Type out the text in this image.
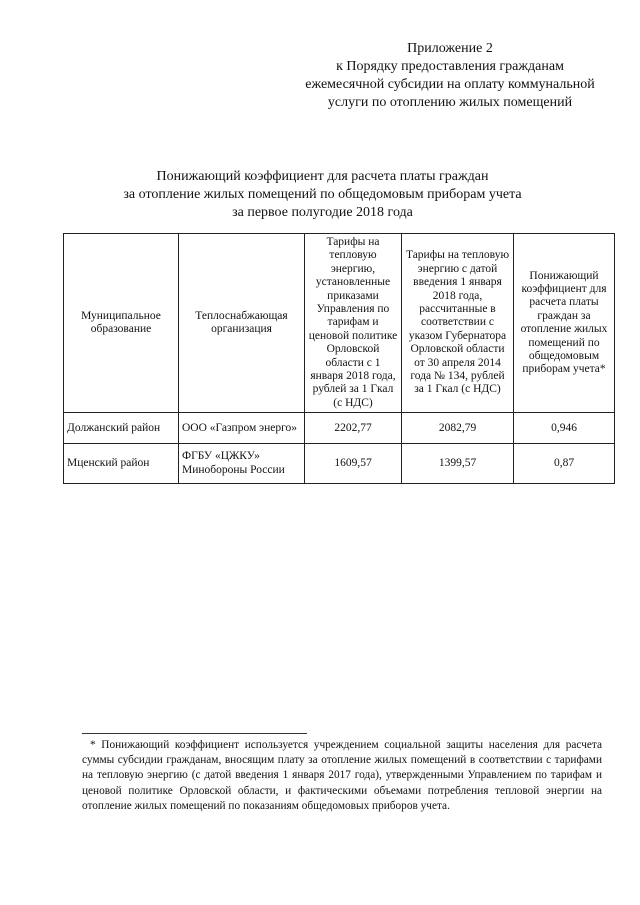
Приложение 2
к Порядку предоставления гражданам
ежемесячной субсидии на оплату коммунальной
услуги по отоплению жилых помещений
Понижающий коэффициент для расчета платы граждан
за отопление жилых помещений по общедомовым приборам учета
за первое полугодие 2018 года
Муниципальное образование	Теплоснабжающая организация	Тарифы на тепловую энергию, установленные приказами Управления по тарифам и ценовой политике Орловской области с 1 января 2018 года, рублей за 1 Гкал (с НДС)	Тарифы на тепловую энергию с датой введения 1 января 2018 года, рассчитанные в соответствии с указом Губернатора Орловской области от 30 апреля 2014 года № 134, рублей за 1 Гкал (с НДС)	Понижающий коэффициент для расчета платы граждан за отопление жилых помещений по общедомовым приборам учета*
Должанский район	ООО «Газпром энерго»	2202,77	2082,79	0,946
Мценский район	ФГБУ «ЦЖКУ» Минобороны России	1609,57	1399,57	0,87
* Понижающий коэффициент используется учреждением социальной защиты населения для расчета суммы субсидии гражданам, вносящим плату за отопление жилых помещений в соответствии с тарифами на тепловую энергию (с датой введения 1 января 2017 года), утвержденными Управлением по тарифам и ценовой политике Орловской области, и фактическими объемами потребления тепловой энергии на отопление жилых помещений по показаниям общедомовых приборов учета.
